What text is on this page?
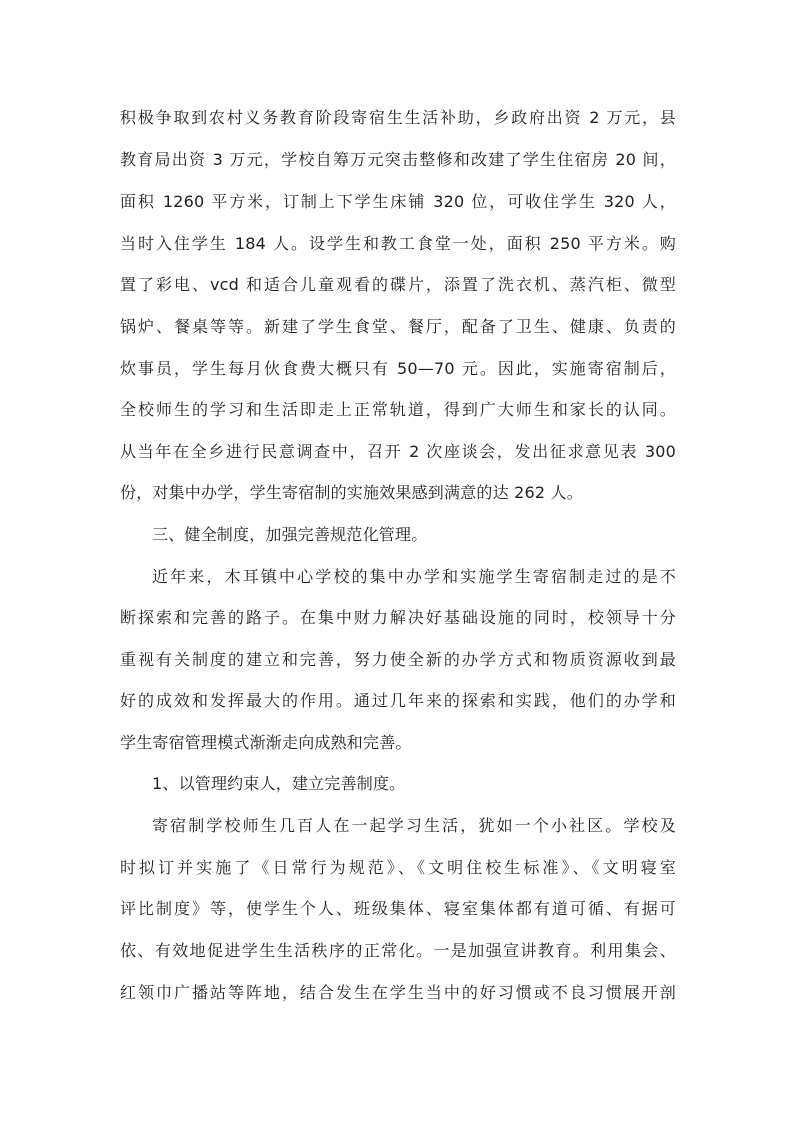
积极争取到农村义务教育阶段寄宿生生活补助，乡政府出资 2 万元，县
教育局出资 3 万元，学校自筹万元突击整修和改建了学生住宿房 20 间，
面积 1260 平方米，订制上下学生床铺 320 位，可收住学生 320 人，
当时入住学生 184 人。设学生和教工食堂一处，面积 250 平方米。购
置了彩电、vcd 和适合儿童观看的碟片，添置了洗衣机、蒸汽柜、微型
锅炉、餐桌等等。新建了学生食堂、餐厅，配备了卫生、健康、负责的
炊事员，学生每月伙食费大概只有 50—70 元。因此，实施寄宿制后，
全校师生的学习和生活即走上正常轨道，得到广大师生和家长的认同。
从当年在全乡进行民意调查中，召开 2 次座谈会，发出征求意见表 300
份，对集中办学，学生寄宿制的实施效果感到满意的达 262 人。
三、健全制度，加强完善规范化管理。
近年来，木耳镇中心学校的集中办学和实施学生寄宿制走过的是不
断探索和完善的路子。在集中财力解决好基础设施的同时，校领导十分
重视有关制度的建立和完善，努力使全新的办学方式和物质资源收到最
好的成效和发挥最大的作用。通过几年来的探索和实践，他们的办学和
学生寄宿管理模式渐渐走向成熟和完善。
1、以管理约束人，建立完善制度。
寄宿制学校师生几百人在一起学习生活，犹如一个小社区。学校及
时拟订并实施了《日常行为规范》、《文明住校生标准》、《文明寝室
评比制度》等，使学生个人、班级集体、寝室集体都有道可循、有据可
依、有效地促进学生生活秩序的正常化。一是加强宣讲教育。利用集会、
红领巾广播站等阵地，结合发生在学生当中的好习惯或不良习惯展开剖
